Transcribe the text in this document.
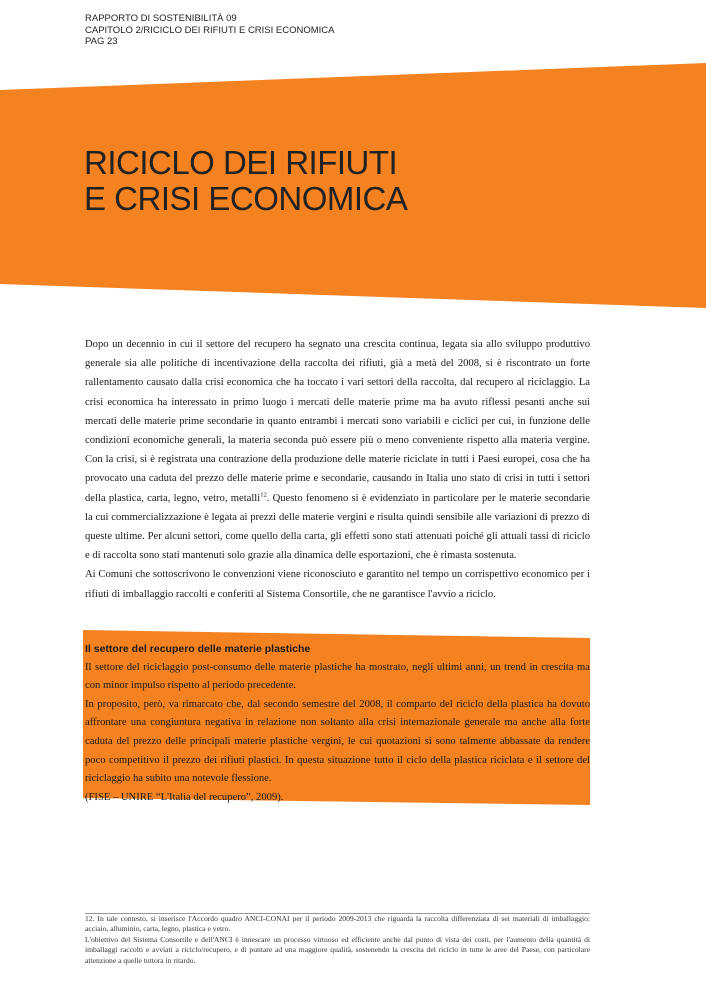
RAPPORTO DI SOSTENIBILITÀ 09
CAPITOLO 2/RICICLO DEI RIFIUTI E CRISI ECONOMICA
PAG 23
RICICLO DEI RIFIUTI
E CRISI ECONOMICA

Dopo un decennio in cui il settore del recupero ha segnato una crescita continua, legata sia allo sviluppo produttivo generale sia alle politiche di incentivazione della raccolta dei rifiuti, già a metà del 2008, si è riscontrato un forte rallentamento causato dalla crisi economica che ha toccato i vari settori della raccolta, dal recupero al riciclaggio. La crisi economica ha interessato in primo luogo i mercati delle materie prime ma ha avuto riflessi pesanti anche sui mercati delle materie prime secondarie in quanto entrambi i mercati sono variabili e ciclici per cui, in funzione delle condizioni economiche generali, la materia seconda può essere più o meno conveniente rispetto alla materia vergine. Con la crisi, si è registrata una contrazione della produzione delle materie riciclate in tutti i Paesi europei, cosa che ha provocato una caduta del prezzo delle materie prime e secondarie, causando in Italia uno stato di crisi in tutti i settori della plastica, carta, legno, vetro, metalli$^{12}$. Questo fenomeno si è evidenziato in particolare per le materie secondarie la cui commercializzazione è legata ai prezzi delle materie vergini e risulta quindi sensibile alle variazioni di prezzo di queste ultime. Per alcuni settori, come quello della carta, gli effetti sono stati attenuati poiché gli attuali tassi di riciclo e di raccolta sono stati mantenuti solo grazie alla dinamica delle esportazioni, che è rimasta sostenuta.

Ai Comuni che sottoscrivono le convenzioni viene riconosciuto e garantito nel tempo un corrispettivo economico per i rifiuti di imballaggio raccolti e conferiti al Sistema Consortile, che ne garantisce l'avvio a riciclo.

Il settore del recupero delle materie plastiche

Il settore del riciclaggio post-consumo delle materie plastiche ha mostrato, negli ultimi anni, un trend in crescita ma con minor impulso rispetto al periodo precedente.

In proposito, però, va rimarcato che, dal secondo semestre del 2008, il comparto del riciclo della plastica ha dovuto affrontare una congiuntura negativa in relazione non soltanto alla crisi internazionale generale ma anche alla forte caduta del prezzo delle principali materie plastiche vergini, le cui quotazioni si sono talmente abbassate da rendere poco competitivo il prezzo dei rifiuti plastici. In questa situazione tutto il ciclo della plastica riciclata e il settore del riciclaggio ha subito una notevole flessione.

(FISE – UNIRE “L'Italia del recupero”, 2009).

12. In tale contesto, si inserisce l'Accordo quadro ANCI-CONAI per il periodo 2009-2013 che riguarda la raccolta differenziata di sei materiali di imballaggio: acciaio, alluminio, carta, legno, plastica e vetro.

L'obiettivo del Sistema Consortile e dell'ANCI è innescare un processo virtuoso ed efficiente anche dal punto di vista dei costi, per l'aumento della quantità di imballaggi raccolti e avviati a riciclo/recupero, e di puntare ad una maggiore qualità, sostenendo la crescita del riciclo in tutte le aree del Paese, con particolare attenzione a quelle tuttora in ritardo.
